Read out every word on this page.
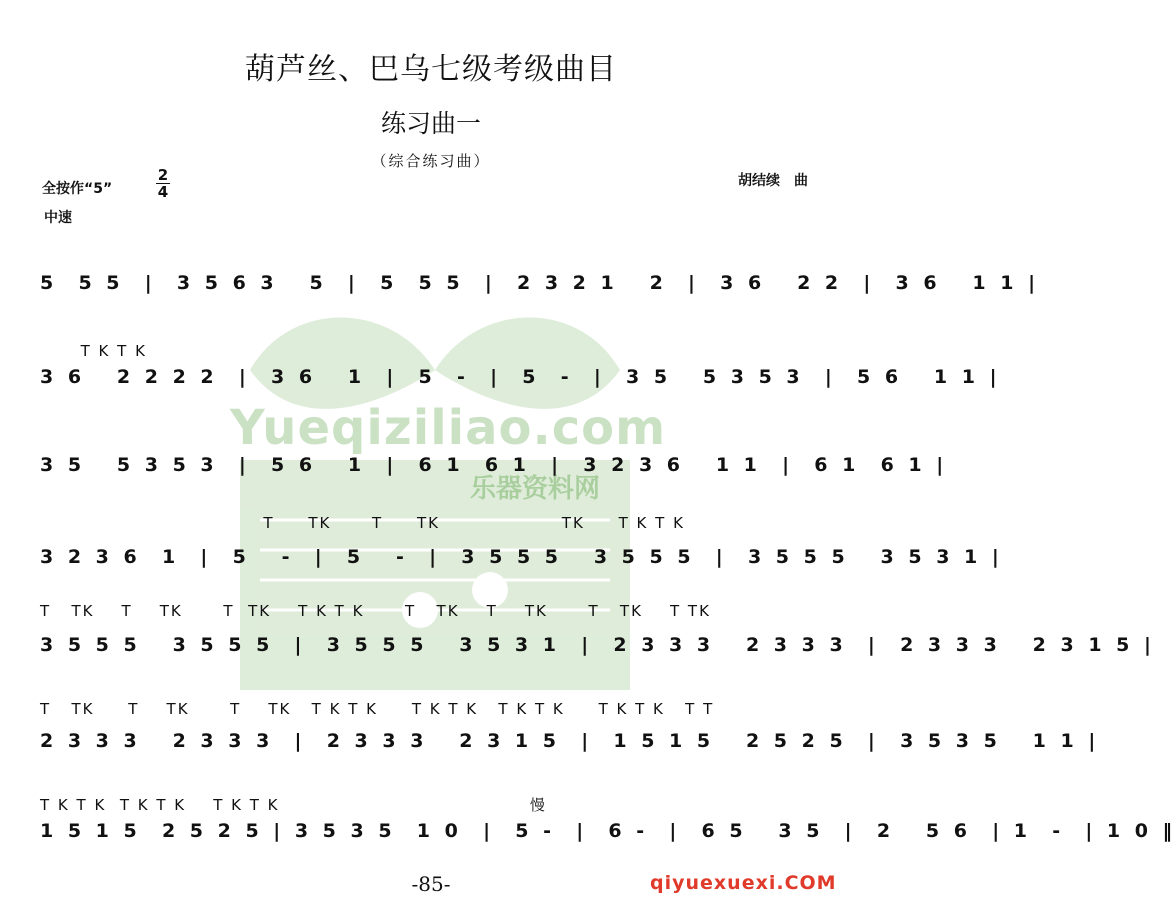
葫芦丝、巴乌七级考级曲目
练习曲一
（综合练习曲）
全按作“5”
2
4
中速
胡结续　曲
Yueqiziliao.com
乐器资料网
5  5 5  |  3 5 6 3   5  |  5  5 5  |  2 3 2 1   2  |  3 6   2 2  |  3 6   1 1 |
T K T K
3 6   2 2 2 2  |  3 6   1  |  5  -  |  5  -  |  3 5   5 3 5 3  |  5 6   1 1 |
3 5   5 3 5 3  |  5 6   1  |  6 1  6 1  |  3 2 3 6   1 1  |  6 1  6 1 |
T     TK      T     TK                  TK     T K T K
3 2 3 6  1  |  5   -  |  5   -  |  3 5 5 5   3 5 5 5  |  3 5 5 5   3 5 3 1 |
T   TK    T    TK      T  TK    T K T K      T   TK    T    TK      T   TK    T TK
3 5 5 5   3 5 5 5  |  3 5 5 5   3 5 3 1  |  2 3 3 3   2 3 3 3  |  2 3 3 3   2 3 1 5 |
T   TK     T    TK      T    TK   T K T K     T K T K   T K T K     T K T K   T T
2 3 3 3   2 3 3 3  |  2 3 3 3   2 3 1 5  |  1 5 1 5   2 5 2 5  |  3 5 3 5   1 1 |
T K T K  T K T K    T K T K                                     慢
1 5 1 5  2 5 2 5 | 3 5 3 5  1 0  |  5 -  |  6 -  |  6 5   3 5  |  2   5 6  | 1  -  | 1 0 ‖
-85-	qiyuexuexi.COM
